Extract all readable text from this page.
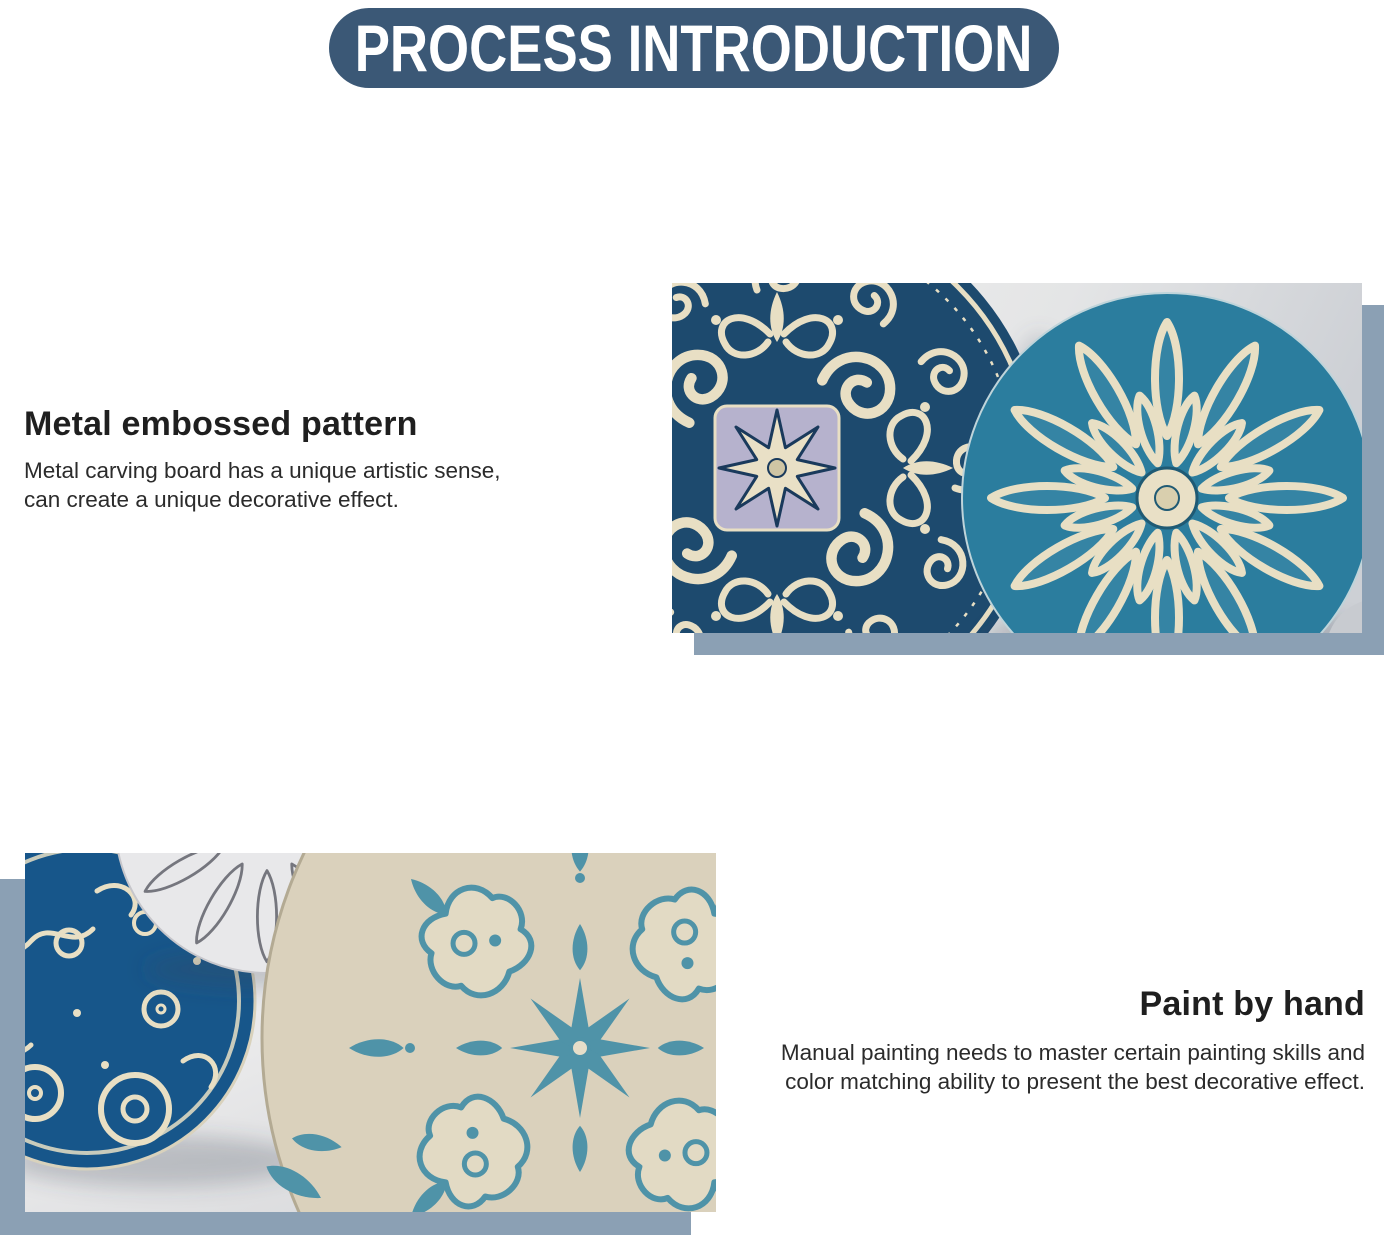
PROCESS INTRODUCTION
Metal embossed pattern

Metal carving board has a unique artistic sense,

can create a unique decorative effect.

Paint by hand

Manual painting needs to master certain painting skills and

color matching ability to present the best decorative effect.
